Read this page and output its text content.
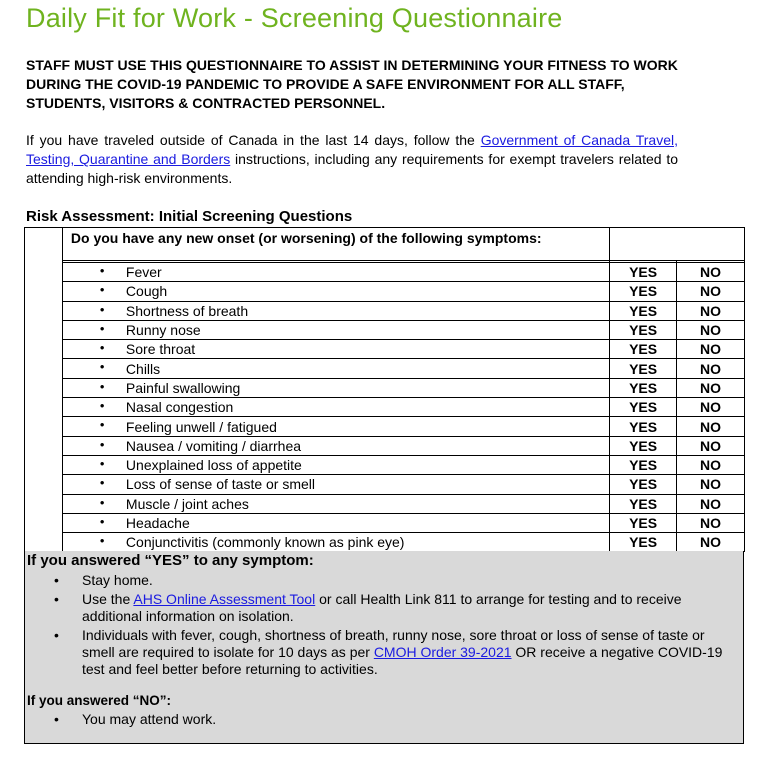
Daily Fit for Work - Screening Questionnaire

STAFF MUST USE THIS QUESTIONNAIRE TO ASSIST IN DETERMINING YOUR FITNESS TO WORK DURING THE COVID-19 PANDEMIC TO PROVIDE A SAFE ENVIRONMENT FOR ALL STAFF, STUDENTS, VISITORS & CONTRACTED PERSONNEL.

If you have traveled outside of Canada in the last 14 days, follow the Government of Canada Travel, Testing, Quarantine and Borders instructions, including any requirements for exempt travelers related to attending high-risk environments.

Risk Assessment: Initial Screening Questions
	Do you have any new onset (or worsening) of the following symptoms:		

	• Fever	YES	NO

	• Cough	YES	NO

	• Shortness of breath	YES	NO

	• Runny nose	YES	NO

	• Sore throat	YES	NO

	• Chills	YES	NO

	• Painful swallowing	YES	NO

	• Nasal congestion	YES	NO

	• Feeling unwell / fatigued	YES	NO

	• Nausea / vomiting / diarrhea	YES	NO

	• Unexplained loss of appetite	YES	NO

	• Loss of sense of taste or smell	YES	NO

	• Muscle / joint aches	YES	NO

	• Headache	YES	NO

	• Conjunctivitis (commonly known as pink eye)	YES	NO

If you answered “YES” to any symptom:

• Stay home.
• Use the AHS Online Assessment Tool or call Health Link 811 to arrange for testing and to receive additional information on isolation.
• Individuals with fever, cough, shortness of breath, runny nose, sore throat or loss of sense of taste or smell are required to isolate for 10 days as per CMOH Order 39-2021 OR receive a negative COVID-19 test and feel better before returning to activities.

If you answered “NO”:

• You may attend work.
